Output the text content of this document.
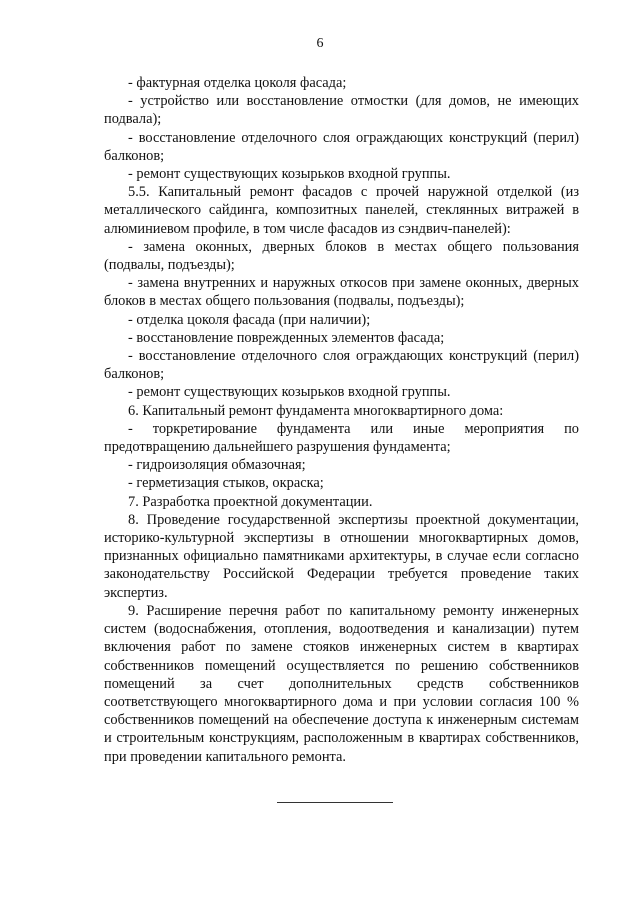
6

- фактурная отделка цоколя фасада;

- устройство или восстановление отмостки (для домов, не имеющих подвала);

- восстановление отделочного слоя ограждающих конструкций (перил) балконов;

- ремонт существующих козырьков входной группы.

5.5. Капитальный ремонт фасадов с прочей наружной отделкой (из металлического сайдинга, композитных панелей, стеклянных витражей в алюминиевом профиле, в том числе фасадов из сэндвич-панелей):

- замена оконных, дверных блоков в местах общего пользования (подвалы, подъезды);

- замена внутренних и наружных откосов при замене оконных, дверных блоков в местах общего пользования (подвалы, подъезды);

- отделка цоколя фасада (при наличии);

- восстановление поврежденных элементов фасада;

- восстановление отделочного слоя ограждающих конструкций (перил) балконов;

- ремонт существующих козырьков входной группы.

6. Капитальный ремонт фундамента многоквартирного дома:

- торкретирование фундамента или иные мероприятия по предотвращению дальнейшего разрушения фундамента;

- гидроизоляция обмазочная;

- герметизация стыков, окраска;

7. Разработка проектной документации.

8. Проведение государственной экспертизы проектной документации, историко-культурной экспертизы в отношении многоквартирных домов, признанных официально памятниками архитектуры, в случае если согласно законодательству Российской Федерации требуется проведение таких экспертиз.

9. Расширение перечня работ по капитальному ремонту инженерных систем (водоснабжения, отопления, водоотведения и канализации) путем включения работ по замене стояков инженерных систем в квартирах собственников помещений осуществляется по решению собственников помещений за счет дополнительных средств собственников соответствующего многоквартирного дома и при условии согласия 100 % собственников помещений на обеспечение доступа к инженерным системам и строительным конструкциям, расположенным в квартирах собственников, при проведении капитального ремонта.
